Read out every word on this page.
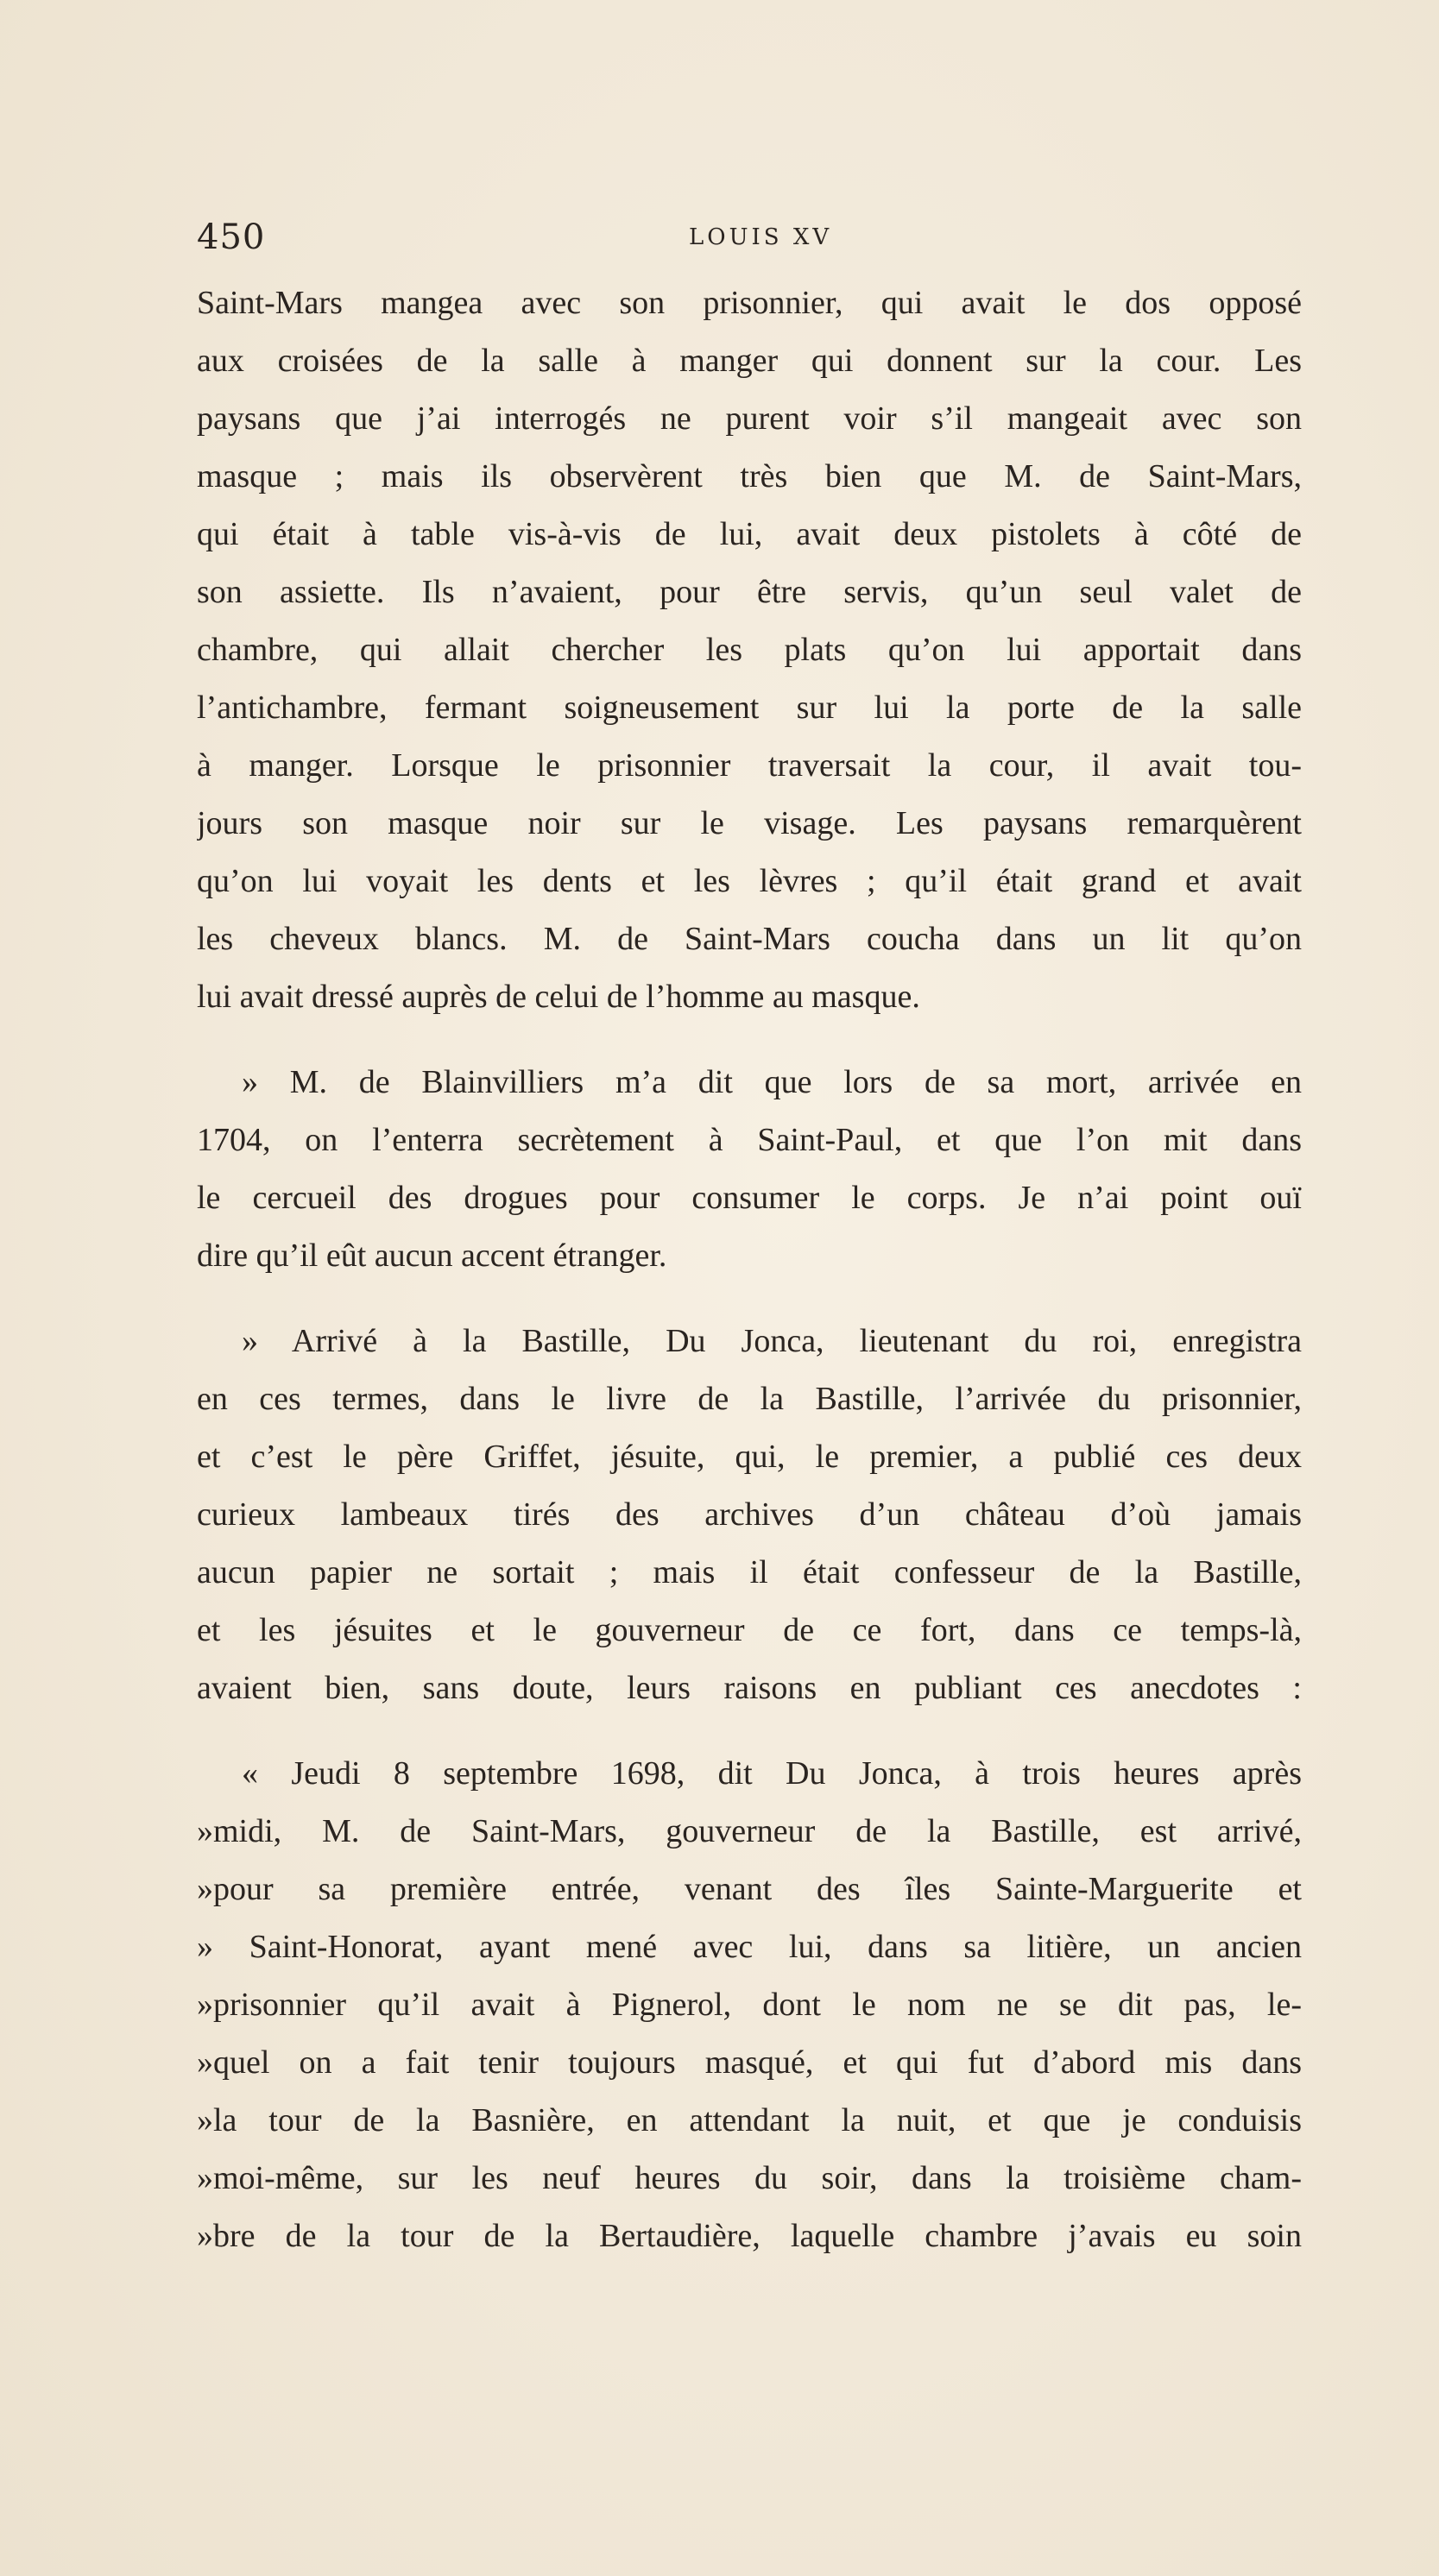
450	LOUIS XV
Saint-Mars mangea avec son prisonnier, qui avait le dos opposé
aux croisées de la salle à manger qui donnent sur la cour. Les
paysans que j’ai interrogés ne purent voir s’il mangeait avec son
masque ; mais ils observèrent très bien que M. de Saint-Mars,
qui était à table vis-à-vis de lui, avait deux pistolets à côté de
son assiette. Ils n’avaient, pour être servis, qu’un seul valet de
chambre, qui allait chercher les plats qu’on lui apportait dans
l’antichambre, fermant soigneusement sur lui la porte de la salle
à manger. Lorsque le prisonnier traversait la cour, il avait tou-
jours son masque noir sur le visage. Les paysans remarquèrent
qu’on lui voyait les dents et les lèvres ; qu’il était grand et avait
les cheveux blancs. M. de Saint-Mars coucha dans un lit qu’on
lui avait dressé auprès de celui de l’homme au masque.
» M. de Blainvilliers m’a dit que lors de sa mort, arrivée en
1704, on l’enterra secrètement à Saint-Paul, et que l’on mit dans
le cercueil des drogues pour consumer le corps. Je n’ai point ouï
dire qu’il eût aucun accent étranger.
» Arrivé à la Bastille, Du Jonca, lieutenant du roi, enregistra
en ces termes, dans le livre de la Bastille, l’arrivée du prisonnier,
et c’est le père Griffet, jésuite, qui, le premier, a publié ces deux
curieux lambeaux tirés des archives d’un château d’où jamais
aucun papier ne sortait ; mais il était confesseur de la Bastille,
et les jésuites et le gouverneur de ce fort, dans ce temps-là,
avaient bien, sans doute, leurs raisons en publiant ces anecdotes :
« Jeudi 8 septembre 1698, dit Du Jonca, à trois heures après
»midi, M. de Saint-Mars, gouverneur de la Bastille, est arrivé,
»pour sa première entrée, venant des îles Sainte-Marguerite et
» Saint-Honorat, ayant mené avec lui, dans sa litière, un ancien
»prisonnier qu’il avait à Pignerol, dont le nom ne se dit pas, le-
»quel on a fait tenir toujours masqué, et qui fut d’abord mis dans
»la tour de la Basnière, en attendant la nuit, et que je conduisis
»moi-même, sur les neuf heures du soir, dans la troisième cham-
»bre de la tour de la Bertaudière, laquelle chambre j’avais eu soin
